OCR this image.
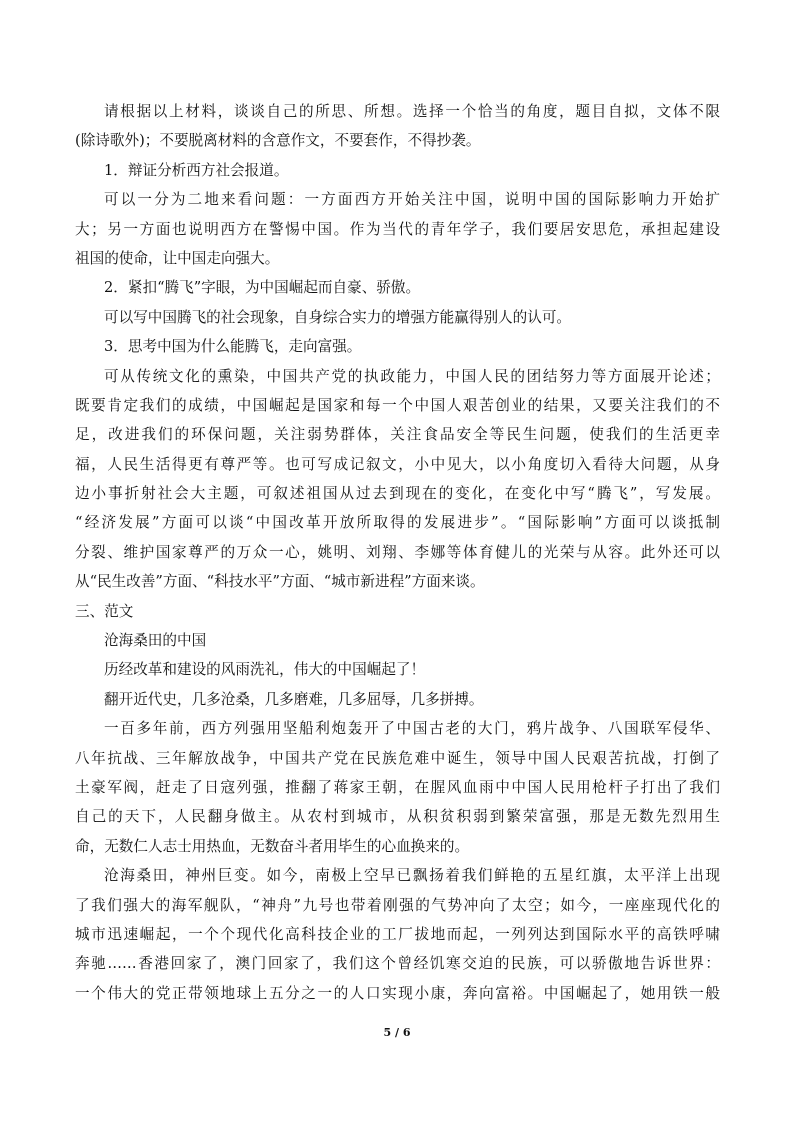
请根据以上材料，谈谈自己的所思、所想。选择一个恰当的角度，题目自拟，文体不限
(除诗歌外)；不要脱离材料的含意作文，不要套作，不得抄袭。
1．辩证分析西方社会报道。
可以一分为二地来看问题：一方面西方开始关注中国，说明中国的国际影响力开始扩
大；另一方面也说明西方在警惕中国。作为当代的青年学子，我们要居安思危，承担起建设
祖国的使命，让中国走向强大。
2．紧扣“腾飞”字眼，为中国崛起而自豪、骄傲。
可以写中国腾飞的社会现象，自身综合实力的增强方能赢得别人的认可。
3．思考中国为什么能腾飞，走向富强。
可从传统文化的熏染，中国共产党的执政能力，中国人民的团结努力等方面展开论述；
既要肯定我们的成绩，中国崛起是国家和每一个中国人艰苦创业的结果，又要关注我们的不
足，改进我们的环保问题，关注弱势群体，关注食品安全等民生问题，使我们的生活更幸
福，人民生活得更有尊严等。也可写成记叙文，小中见大，以小角度切入看待大问题，从身
边小事折射社会大主题，可叙述祖国从过去到现在的变化，在变化中写“腾飞”，写发展。
“经济发展”方面可以谈“中国改革开放所取得的发展进步”。“国际影响”方面可以谈抵制
分裂、维护国家尊严的万众一心，姚明、刘翔、李娜等体育健儿的光荣与从容。此外还可以
从“民生改善”方面、“科技水平”方面、“城市新进程”方面来谈。
三、范文
沧海桑田的中国
历经改革和建设的风雨洗礼，伟大的中国崛起了！
翻开近代史，几多沧桑，几多磨难，几多屈辱，几多拼搏。
一百多年前，西方列强用坚船利炮轰开了中国古老的大门，鸦片战争、八国联军侵华、
八年抗战、三年解放战争，中国共产党在民族危难中诞生，领导中国人民艰苦抗战，打倒了
土豪军阀，赶走了日寇列强，推翻了蒋家王朝，在腥风血雨中中国人民用枪杆子打出了我们
自己的天下，人民翻身做主。从农村到城市，从积贫积弱到繁荣富强，那是无数先烈用生
命，无数仁人志士用热血，无数奋斗者用毕生的心血换来的。
沧海桑田，神州巨变。如今，南极上空早已飘扬着我们鲜艳的五星红旗，太平洋上出现
了我们强大的海军舰队，“神舟”九号也带着刚强的气势冲向了太空；如今，一座座现代化的
城市迅速崛起，一个个现代化高科技企业的工厂拔地而起，一列列达到国际水平的高铁呼啸
奔驰……香港回家了，澳门回家了，我们这个曾经饥寒交迫的民族，可以骄傲地告诉世界：
一个伟大的党正带领地球上五分之一的人口实现小康，奔向富裕。中国崛起了，她用铁一般
5 / 6
